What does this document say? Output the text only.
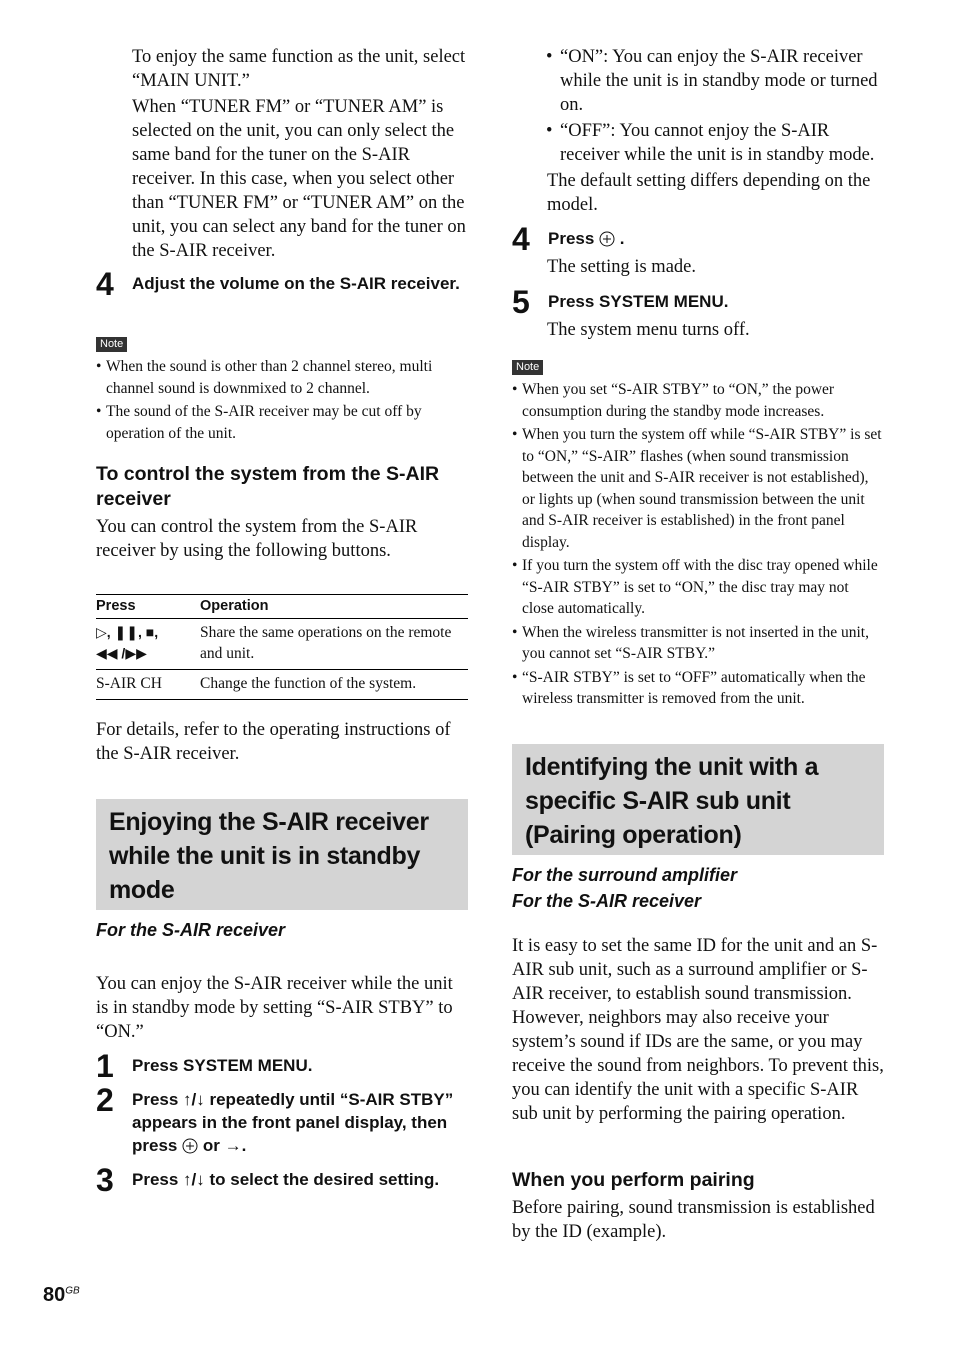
To enjoy the same function as the unit, select “MAIN UNIT.”

When “TUNER FM” or “TUNER AM” is selected on the unit, you can only select the same band for the tuner on the S-AIR receiver. In this case, when you select other than “TUNER FM” or “TUNER AM” on the unit, you can select any band for the tuner on the S-AIR receiver.

4 Adjust the volume on the S-AIR receiver.
Note
• When the sound is other than 2 channel stereo, multi channel sound is downmixed to 2 channel.
• The sound of the S-AIR receiver may be cut off by operation of the unit.
To control the system from the S-AIR receiver

You can control the system from the S-AIR receiver by using the following buttons.

Press	Operation
▷, ❚❚, ■,
◀◀ /▶▶	Share the same operations on the remote and unit.
S-AIR CH	Change the function of the system.

For details, refer to the operating instructions of the S-AIR receiver.

Enjoying the S-AIR receiver while the unit is in standby mode

For the S-AIR receiver

You can enjoy the S-AIR receiver while the unit is in standby mode by setting “S-AIR STBY” to “ON.”

1 Press SYSTEM MENU.
2 Press ↑/↓ repeatedly until “S-AIR STBY” appears in the front panel display, then press or →.
3 Press ↑/↓ to select the desired setting.
• “ON”: You can enjoy the S-AIR receiver while the unit is in standby mode or turned on.
• “OFF”: You cannot enjoy the S-AIR receiver while the unit is in standby mode.

The default setting differs depending on the model.

4 Press .

The setting is made.

5 Press SYSTEM MENU.

The system menu turns off.

Note
• When you set “S-AIR STBY” to “ON,” the power consumption during the standby mode increases.
• When you turn the system off while “S-AIR STBY” is set to “ON,” “S-AIR” flashes (when sound transmission between the unit and S-AIR receiver is not established), or lights up (when sound transmission between the unit and S-AIR receiver is established) in the front panel display.
• If you turn the system off with the disc tray opened while “S-AIR STBY” is set to “ON,” the disc tray may not close automatically.
• When the wireless transmitter is not inserted in the unit, you cannot set “S-AIR STBY.”
• “S-AIR STBY” is set to “OFF” automatically when the wireless transmitter is removed from the unit.
Identifying the unit with a specific S-AIR sub unit (Pairing operation)

For the surround amplifier

For the S-AIR receiver

It is easy to set the same ID for the unit and an S-AIR sub unit, such as a surround amplifier or S-AIR receiver, to establish sound transmission. However, neighbors may also receive your system’s sound if IDs are the same, or you may receive the sound from neighbors. To prevent this, you can identify the unit with a specific S-AIR sub unit by performing the pairing operation.

When you perform pairing

Before pairing, sound transmission is established by the ID (example).

$80^{GB}$
